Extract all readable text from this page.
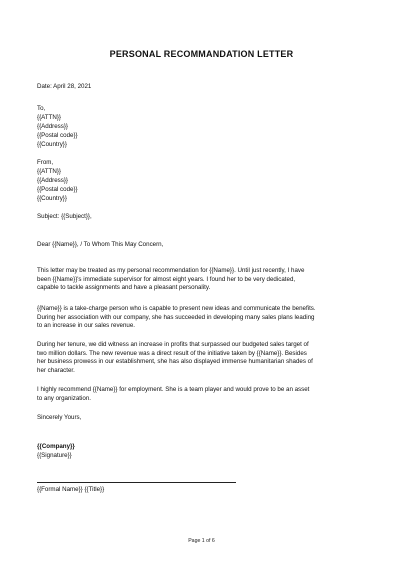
PERSONAL RECOMMANDATION LETTER
Date: April 28, 2021
To,
{{ATTN}}
{{Address}}
{{Postal code}}
{{Country}}
From,
{{ATTN}}
{{Address}}
{{Postal code}}
{{Country}}
Subject: {{Subject}},
Dear {{Name}}, / To Whom This May Concern,
This letter may be treated as my personal recommendation for {{Name}}. Until just recently, I have
been {{Name}}'s immediate supervisor for almost eight years. I found her to be very dedicated,
capable to tackle assignments and have a pleasant personality.
{{Name}} is a take-charge person who is capable to present new ideas and communicate the benefits.
During her association with our company, she has succeeded in developing many sales plans leading
to an increase in our sales revenue.
During her tenure, we did witness an increase in profits that surpassed our budgeted sales target of
two million dollars. The new revenue was a direct result of the initiative taken by {{Name}}. Besides
her business prowess in our establishment, she has also displayed immense humanitarian shades of
her character.
I highly recommend {{Name}} for employment. She is a team player and would prove to be an asset
to any organization.
Sincerely Yours,
{{Company}}
{{Signature}}
{{Formal Name}} {{Title}}
Page 1 of 6
